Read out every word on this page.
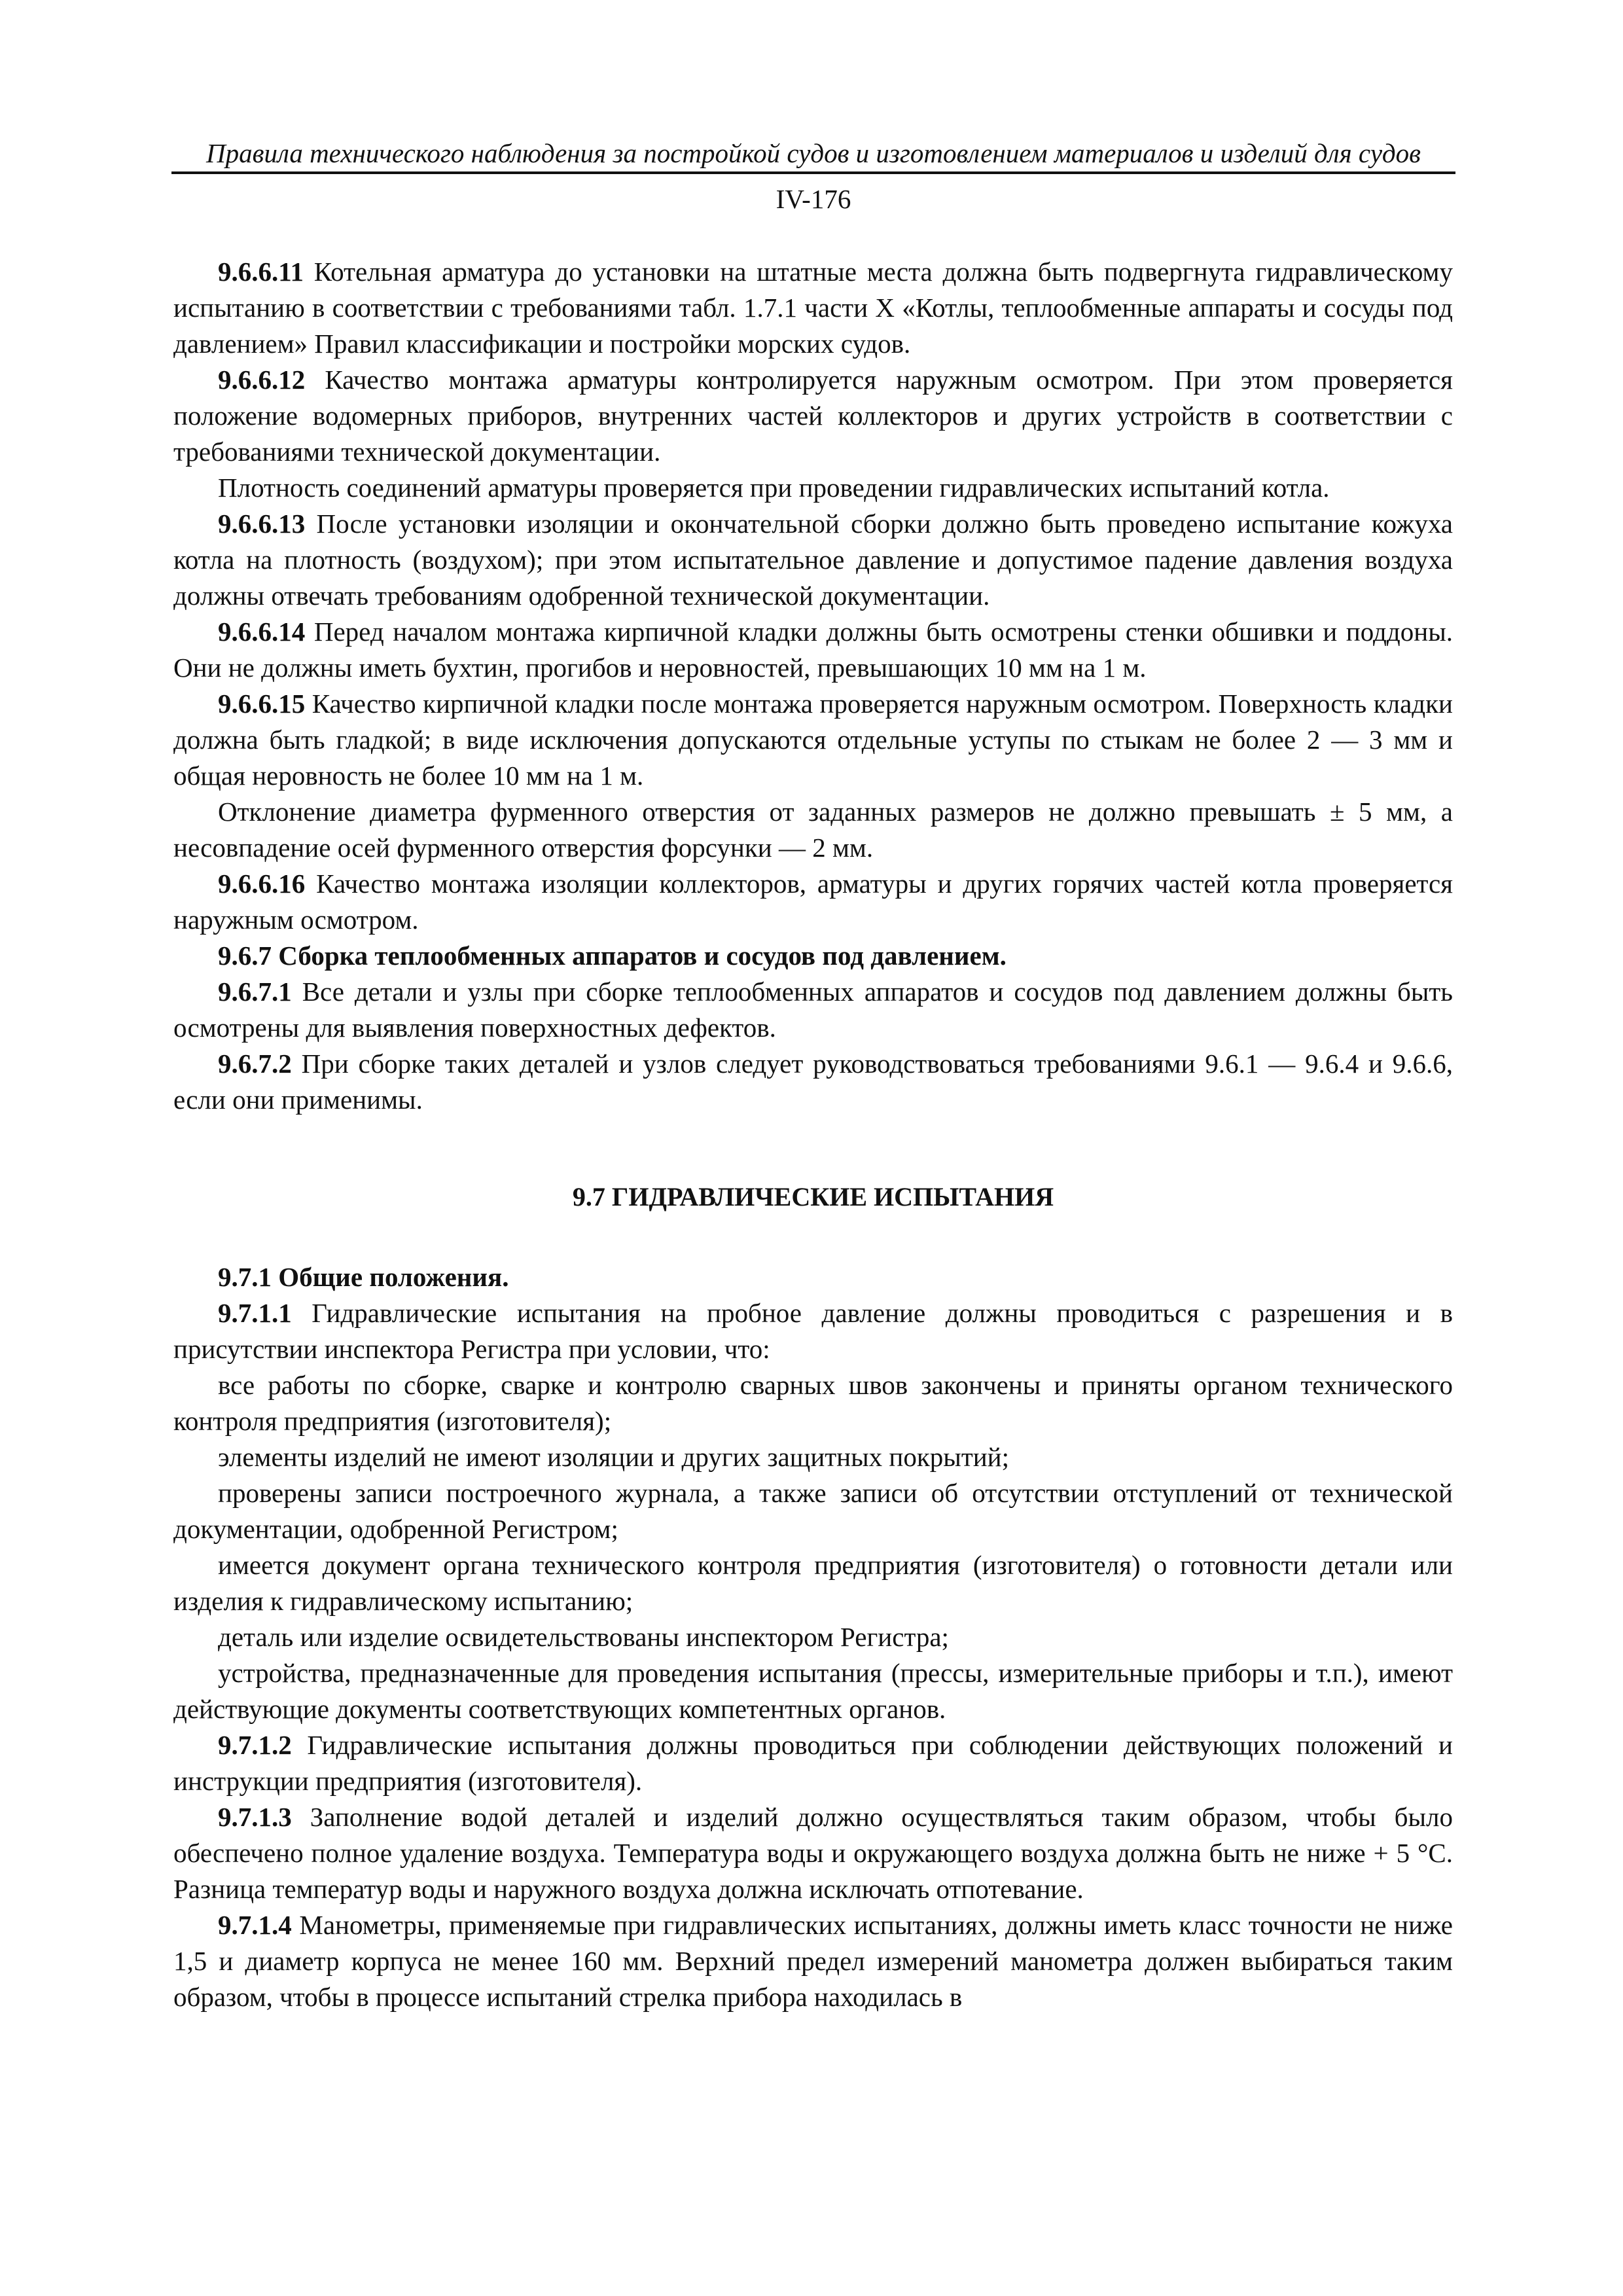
Правила технического наблюдения за постройкой судов и изготовлением материалов и изделий для судов
IV-176

9.6.6.11 Котельная арматура до установки на штатные места должна быть подвергнута гидравлическому испытанию в соответствии с требованиями табл. 1.7.1 части X «Котлы, теплообменные аппараты и сосуды под давлением» Правил классификации и постройки морских судов.

9.6.6.12 Качество монтажа арматуры контролируется наружным осмотром. При этом проверяется положение водомерных приборов, внутренних частей коллекторов и других устройств в соответствии с требованиями технической документации.

Плотность соединений арматуры проверяется при проведении гидравлических испытаний котла.

9.6.6.13 После установки изоляции и окончательной сборки должно быть проведено испытание кожуха котла на плотность (воздухом); при этом испытательное давление и допустимое падение давления воздуха должны отвечать требованиям одобренной технической документации.

9.6.6.14 Перед началом монтажа кирпичной кладки должны быть осмотрены стенки обшивки и поддоны. Они не должны иметь бухтин, прогибов и неровностей, превышающих 10 мм на 1 м.

9.6.6.15 Качество кирпичной кладки после монтажа проверяется наружным осмотром. Поверхность кладки должна быть гладкой; в виде исключения допускаются отдельные уступы по стыкам не более 2 — 3 мм и общая неровность не более 10 мм на 1 м.

Отклонение диаметра фурменного отверстия от заданных размеров не должно превышать ± 5 мм, а несовпадение осей фурменного отверстия форсунки — 2 мм.

9.6.6.16 Качество монтажа изоляции коллекторов, арматуры и других горячих частей котла проверяется наружным осмотром.

9.6.7 Сборка теплообменных аппаратов и сосудов под давлением.

9.6.7.1 Все детали и узлы при сборке теплообменных аппаратов и сосудов под давлением должны быть осмотрены для выявления поверхностных дефектов.

9.6.7.2 При сборке таких деталей и узлов следует руководствоваться требованиями 9.6.1 — 9.6.4 и 9.6.6, если они применимы.

9.7 ГИДРАВЛИЧЕСКИЕ ИСПЫТАНИЯ

9.7.1 Общие положения.

9.7.1.1 Гидравлические испытания на пробное давление должны проводиться с разрешения и в присутствии инспектора Регистра при условии, что:

все работы по сборке, сварке и контролю сварных швов закончены и приняты органом технического контроля предприятия (изготовителя);

элементы изделий не имеют изоляции и других защитных покрытий;

проверены записи построечного журнала, а также записи об отсутствии отступлений от технической документации, одобренной Регистром;

имеется документ органа технического контроля предприятия (изготовителя) о готовности детали или изделия к гидравлическому испытанию;

деталь или изделие освидетельствованы инспектором Регистра;

устройства, предназначенные для проведения испытания (прессы, измерительные приборы и т.п.), имеют действующие документы соответствующих компетентных органов.

9.7.1.2 Гидравлические испытания должны проводиться при соблюдении действующих положений и инструкции предприятия (изготовителя).

9.7.1.3 Заполнение водой деталей и изделий должно осуществляться таким образом, чтобы было обеспечено полное удаление воздуха. Температура воды и окружающего воздуха должна быть не ниже + 5 °С. Разница температур воды и наружного воздуха должна исключать отпотевание.

9.7.1.4 Манометры, применяемые при гидравлических испытаниях, должны иметь класс точности не ниже 1,5 и диаметр корпуса не менее 160 мм. Верхний предел измерений манометра должен выбираться таким образом, чтобы в процессе испытаний стрелка прибора находилась в
